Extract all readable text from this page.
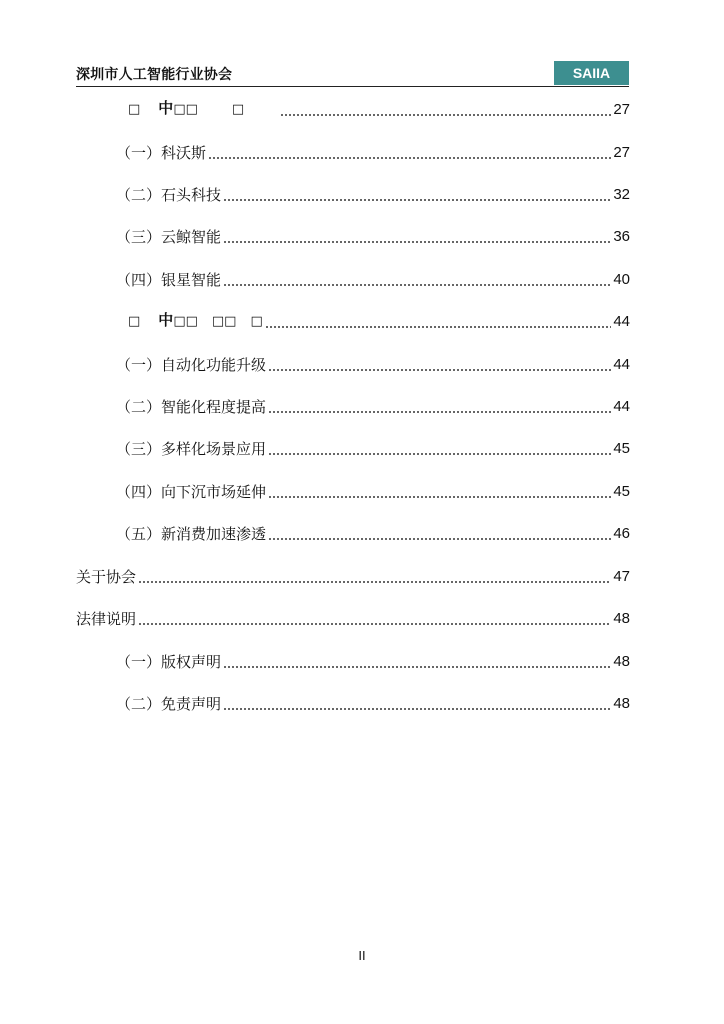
深圳市人工智能行业协会	SAIIA
□ 中□□	□	27
（一）科沃斯	27
（二）石头科技	32
（三）云鲸智能	36
（四）银星智能	40
□ 中□□ □□ □	44
（一）自动化功能升级	44
（二）智能化程度提高	44
（三）多样化场景应用	45
（四）向下沉市场延伸	45
（五）新消费加速渗透	46
关于协会	47
法律说明	48
（一）版权声明	48
（二）免责声明	48
II
